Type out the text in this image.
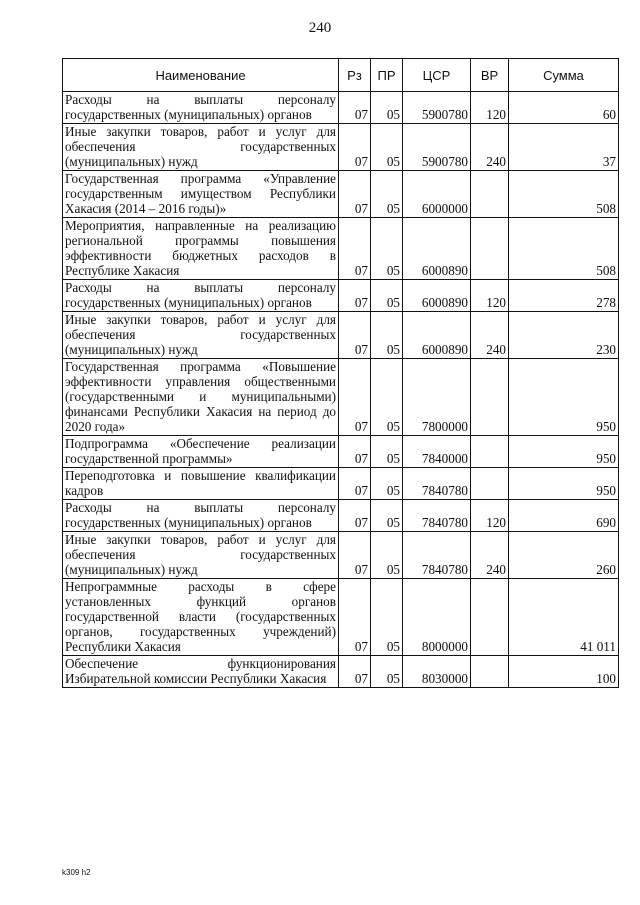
240
Наименование	Рз	ПР	ЦСР	ВР	Сумма
Расходы на выплаты персоналу государственных (муниципальных) органов	07	05	5900780	120	60
Иные закупки товаров, работ и услуг для обеспечения государственных (муниципальных) нужд	07	05	5900780	240	37
Государственная программа «Управление государственным имуществом Республики Хакасия (2014 – 2016 годы)»	07	05	6000000		508
Мероприятия, направленные на реализацию региональной программы повышения эффективности бюджетных расходов в Республике Хакасия	07	05	6000890		508
Расходы на выплаты персоналу государственных (муниципальных) органов	07	05	6000890	120	278
Иные закупки товаров, работ и услуг для обеспечения государственных (муниципальных) нужд	07	05	6000890	240	230
Государственная программа «Повышение эффективности управления общественными (государственными и муниципальными) финансами Республики Хакасия на период до 2020 года»	07	05	7800000		950
Подпрограмма «Обеспечение реализации государственной программы»	07	05	7840000		950
Переподготовка и повышение квалификации кадров	07	05	7840780		950
Расходы на выплаты персоналу государственных (муниципальных) органов	07	05	7840780	120	690
Иные закупки товаров, работ и услуг для обеспечения государственных (муниципальных) нужд	07	05	7840780	240	260
Непрограммные расходы в сфере установленных функций органов государственной власти (государственных органов, государственных учреждений) Республики Хакасия	07	05	8000000		41 011
Обеспечение функционирования Избирательной комиссии Республики Хакасия	07	05	8030000		100
k309 h2
